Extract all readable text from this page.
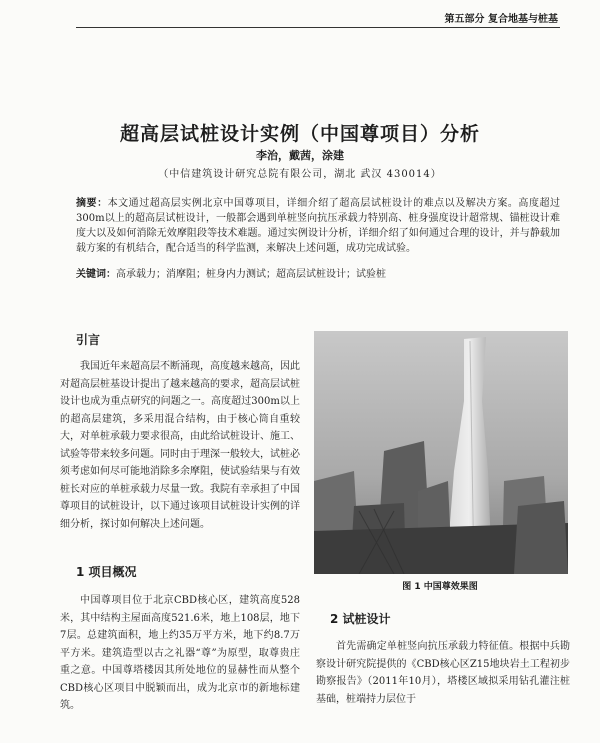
第五部分 复合地基与桩基
超高层试桩设计实例（中国尊项目）分析
李治，戴茜，涂建
（中信建筑设计研究总院有限公司，湖北 武汉 430014）
摘要：本文通过超高层实例北京中国尊项目，详细介绍了超高层试桩设计的难点以及解决方案。高度超过300m以上的超高层试桩设计，一般都会遇到单桩竖向抗压承载力特别高、桩身强度设计超常规、锚桩设计难度大以及如何消除无效摩阻段等技术难题。通过实例设计分析，详细介绍了如何通过合理的设计，并与静载加载方案的有机结合，配合适当的科学监测，来解决上述问题，成功完成试验。
关键词：高承载力；消摩阻；桩身内力测试；超高层试桩设计；试验桩
引言
我国近年来超高层不断涌现，高度越来越高，因此对超高层桩基设计提出了越来越高的要求，超高层试桩设计也成为重点研究的问题之一。高度超过300m以上的超高层建筑，多采用混合结构，由于核心筒自重较大，对单桩承载力要求很高，由此给试桩设计、施工、试验等带来较多问题。同时由于理深一般较大，试桩必须考虑如何尽可能地消除多余摩阻，使试验结果与有效桩长对应的单桩承载力尽量一致。我院有幸承担了中国尊项目的试桩设计，以下通过该项目试桩设计实例的详细分析，探讨如何解决上述问题。
1 项目概况
中国尊项目位于北京CBD核心区，建筑高度528米，其中结构主屋面高度521.6米，地上108层，地下7层。总建筑面积，地上约35万平方米，地下约8.7万平方米。建筑造型以古之礼器“尊”为原型，取尊贵庄重之意。中国尊塔楼因其所处地位的显赫性而从整个CBD核心区项目中脱颖而出，成为北京市的新地标建筑。
图 1 中国尊效果图
2 试桩设计
首先需确定单桩竖向抗压承载力特征值。根据中兵勘察设计研究院提供的《CBD核心区Z15地块岩土工程初步勘察报告》（2011年10月），塔楼区域拟采用钻孔灌注桩基础，桩端持力层位于
